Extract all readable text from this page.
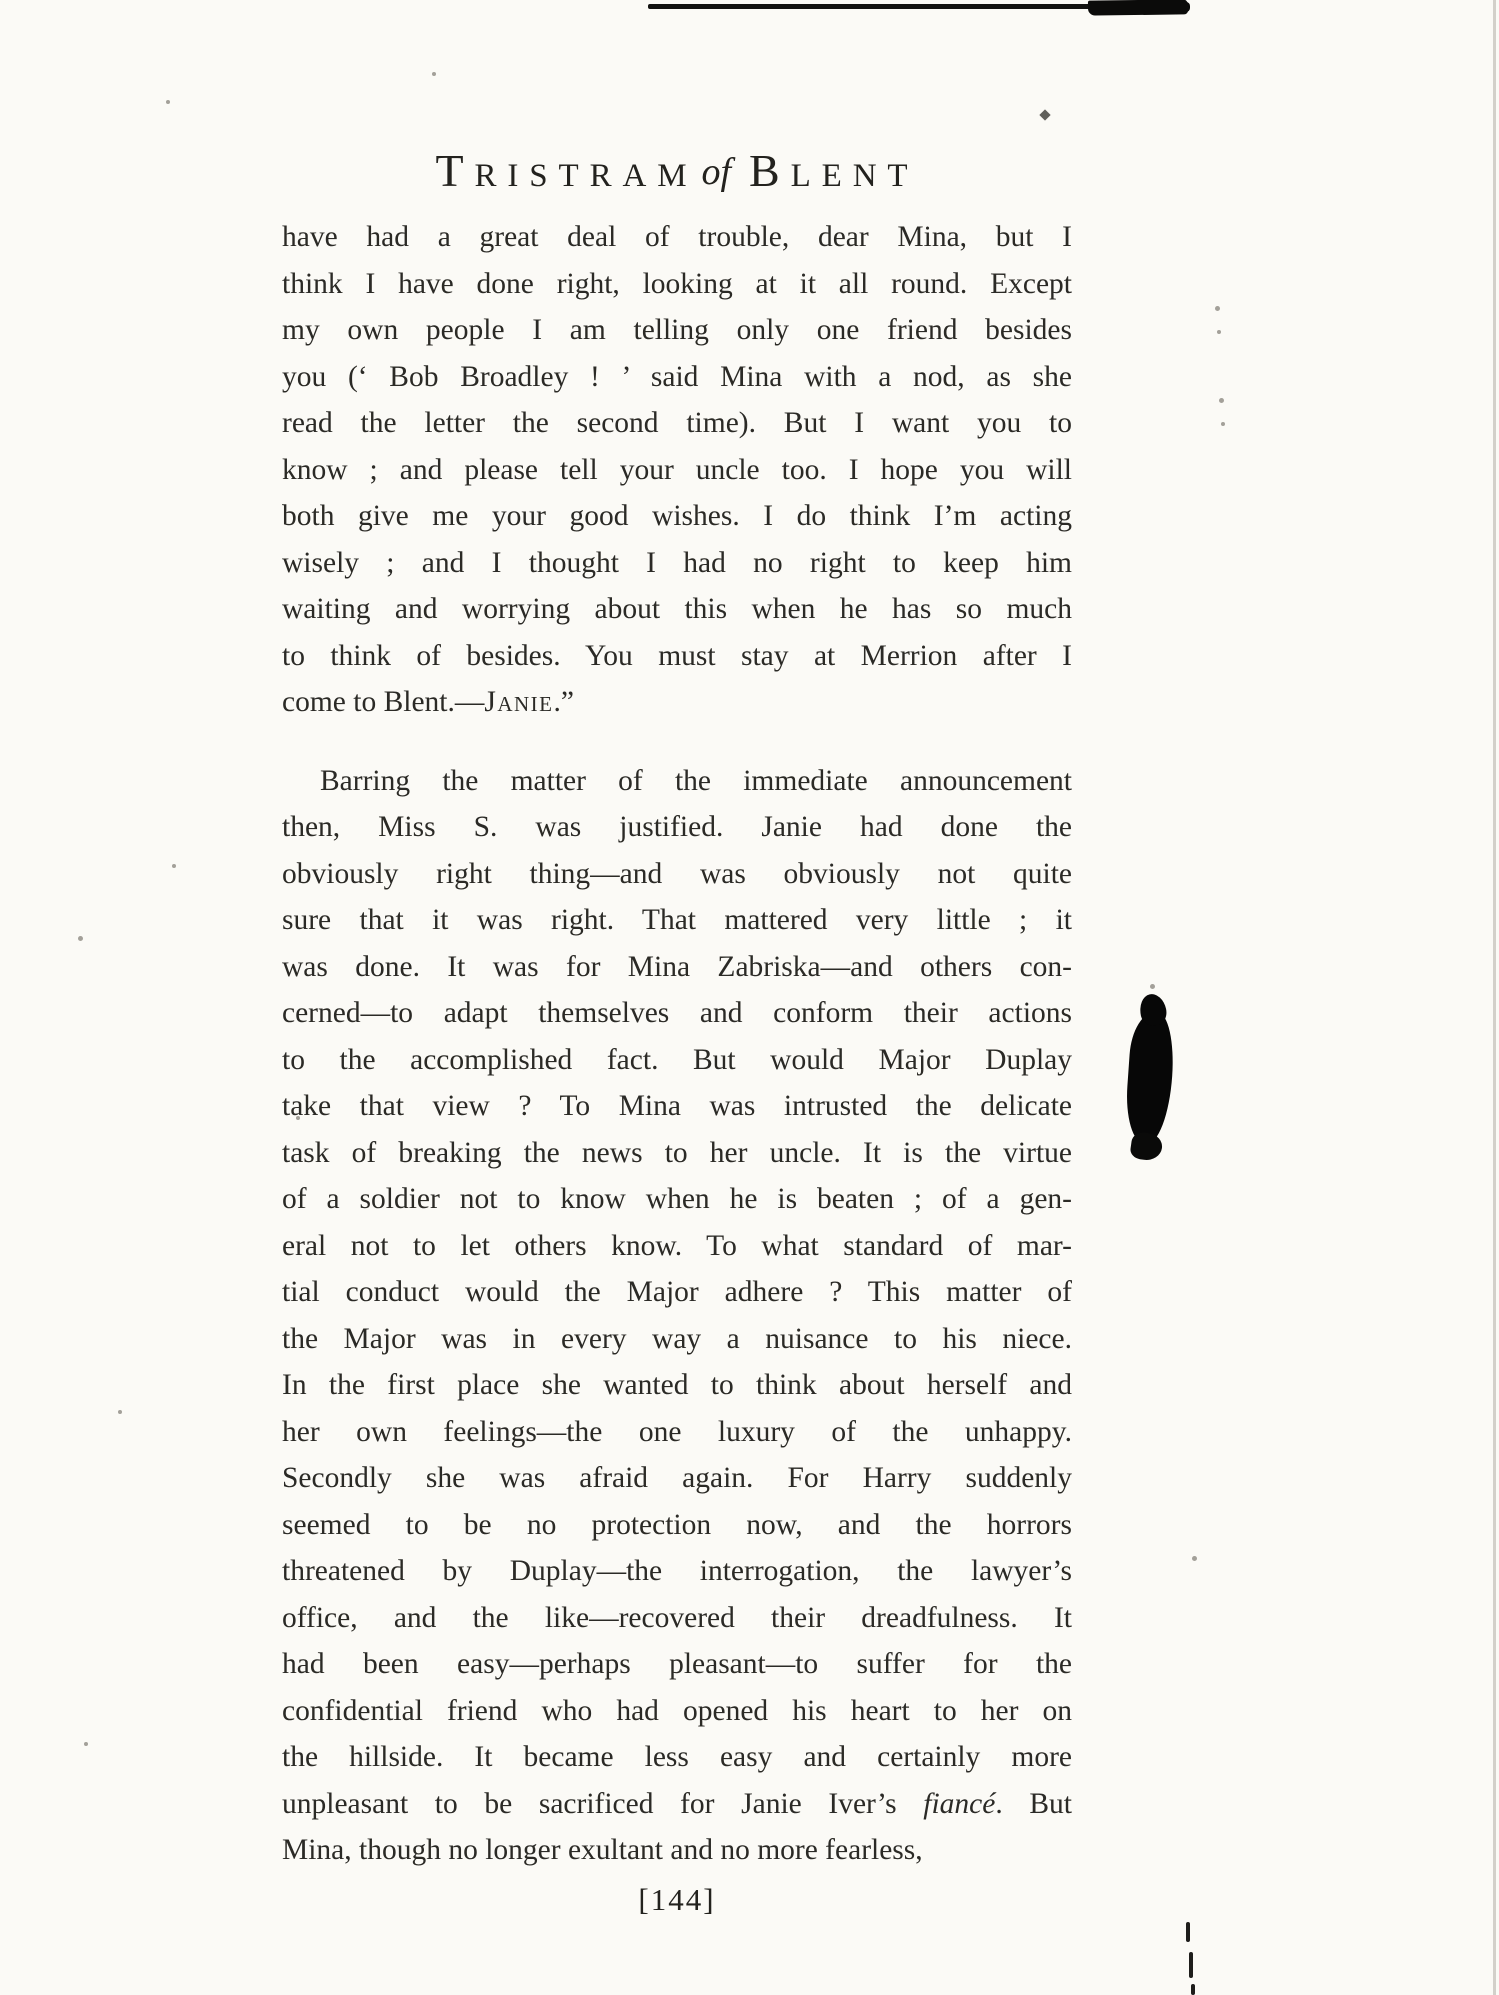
TRISTRAM of BLENT
have had a great deal of trouble, dear Mina, but I
think I have done right, looking at it all round. Except
my own people I am telling only one friend besides
you (‘ Bob Broadley ! ’ said Mina with a nod, as she
read the letter the second time). But I want you to
know ; and please tell your uncle too. I hope you will
both give me your good wishes. I do think I’m acting
wisely ; and I thought I had no right to keep him
waiting and worrying about this when he has so much
to think of besides. You must stay at Merrion after I
come to Blent.—Janie.”
Barring the matter of the immediate announcement
then, Miss S. was justified. Janie had done the
obviously right thing—and was obviously not quite
sure that it was right. That mattered very little ; it
was done. It was for Mina Zabriska—and others con-
cerned—to adapt themselves and conform their actions
to the accomplished fact. But would Major Duplay
take that view ? To Mina was intrusted the delicate
task of breaking the news to her uncle. It is the virtue
of a soldier not to know when he is beaten ; of a gen-
eral not to let others know. To what standard of mar-
tial conduct would the Major adhere ? This matter of
the Major was in every way a nuisance to his niece.
In the first place she wanted to think about herself and
her own feelings—the one luxury of the unhappy.
Secondly she was afraid again. For Harry suddenly
seemed to be no protection now, and the horrors
threatened by Duplay—the interrogation, the lawyer’s
office, and the like—recovered their dreadfulness. It
had been easy—perhaps pleasant—to suffer for the
confidential friend who had opened his heart to her on
the hillside. It became less easy and certainly more
unpleasant to be sacrificed for Janie Iver’s fiancé. But
Mina, though no longer exultant and no more fearless,
[144]
